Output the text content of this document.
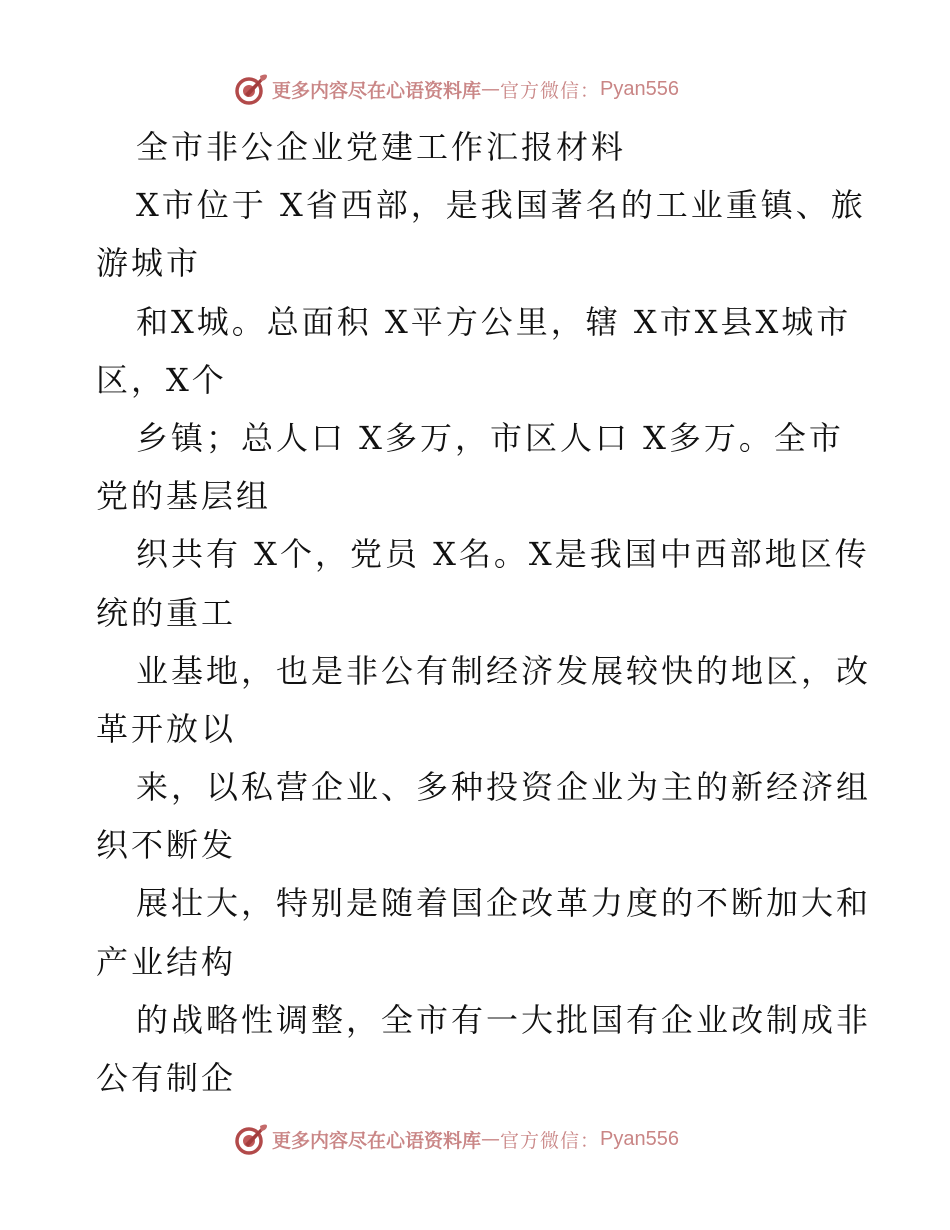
更多内容尽在心语资料库 — 官方微信： Pyan556
全市非公企业党建工作汇报材料
X市位于 X省西部，是我国著名的工业重镇、旅
游城市
和X城。总面积 X平方公里，辖 X市X县X城市
区，X个
乡镇；总人口 X多万，市区人口 X多万。全市
党的基层组
织共有 X个，党员 X名。X是我国中西部地区传
统的重工
业基地，也是非公有制经济发展较快的地区，改
革开放以
来，以私营企业、多种投资企业为主的新经济组
织不断发
展壮大，特别是随着国企改革力度的不断加大和
产业结构
的战略性调整，全市有一大批国有企业改制成非
公有制企
更多内容尽在心语资料库 — 官方微信： Pyan556
